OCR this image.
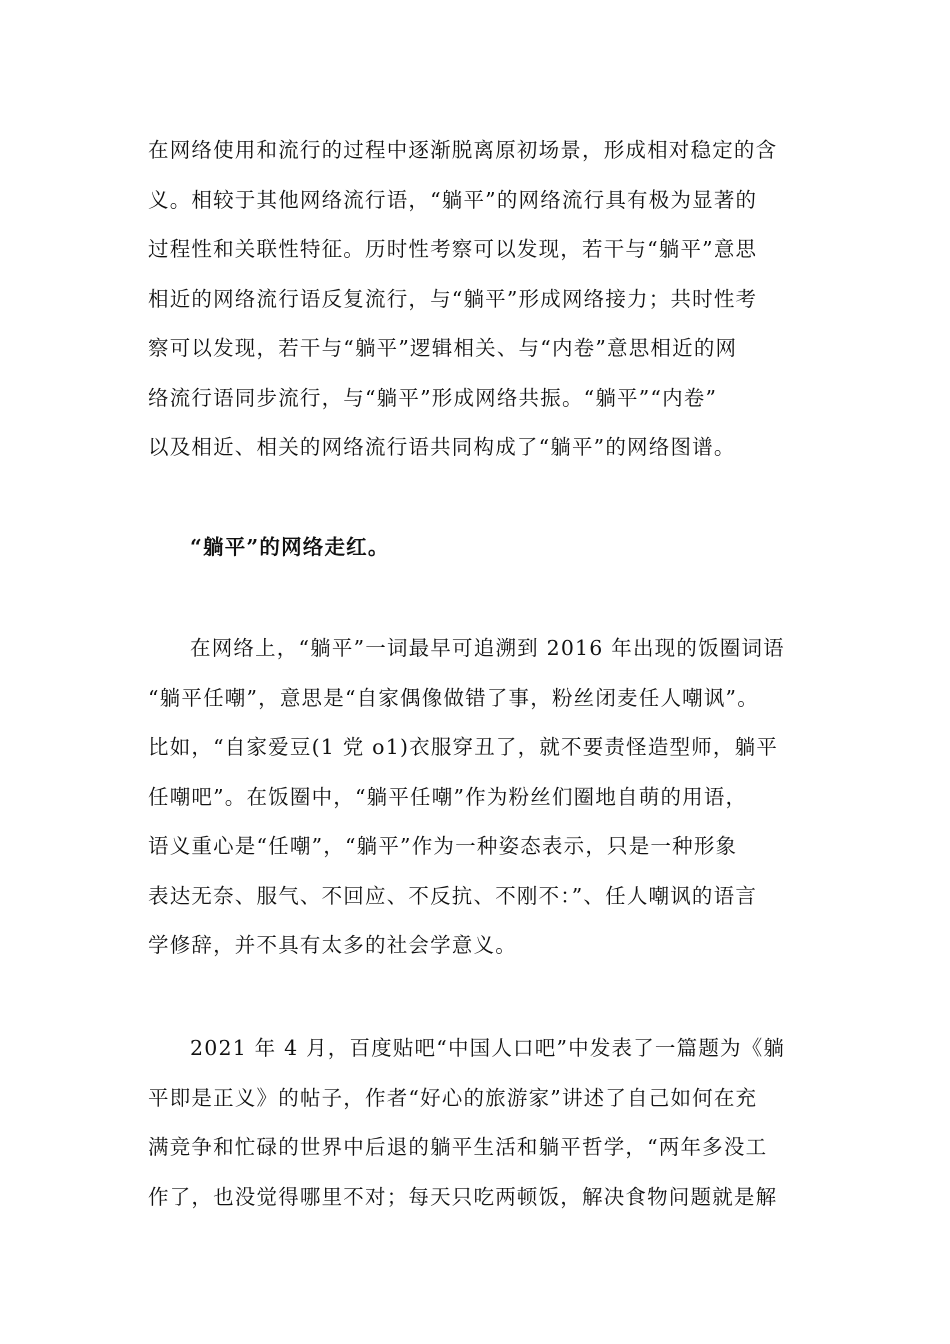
在网络使用和流行的过程中逐渐脱离原初场景，形成相对稳定的含
义。相较于其他网络流行语，“躺平”的网络流行具有极为显著的
过程性和关联性特征。历时性考察可以发现，若干与“躺平”意思
相近的网络流行语反复流行，与“躺平”形成网络接力；共时性考
察可以发现，若干与“躺平”逻辑相关、与“内卷”意思相近的网
络流行语同步流行，与“躺平”形成网络共振。“躺平”“内卷”
以及相近、相关的网络流行语共同构成了“躺平”的网络图谱。
“躺平”的网络走红。
在网络上，“躺平”一词最早可追溯到 2016 年出现的饭圈词语
“躺平任嘲”，意思是“自家偶像做错了事，粉丝闭麦任人嘲讽”。
比如，“自家爱豆(1 党 o1)衣服穿丑了，就不要责怪造型师，躺平
任嘲吧”。在饭圈中，“躺平任嘲”作为粉丝们圈地自萌的用语，
语义重心是“任嘲”，“躺平”作为一种姿态表示，只是一种形象
表达无奈、服气、不回应、不反抗、不刚不：”、任人嘲讽的语言
学修辞，并不具有太多的社会学意义。
2021 年 4 月，百度贴吧“中国人口吧”中发表了一篇题为《躺
平即是正义》的帖子，作者“好心的旅游家”讲述了自己如何在充
满竞争和忙碌的世界中后退的躺平生活和躺平哲学，“两年多没工
作了，也没觉得哪里不对；每天只吃两顿饭，解决食物问题就是解
